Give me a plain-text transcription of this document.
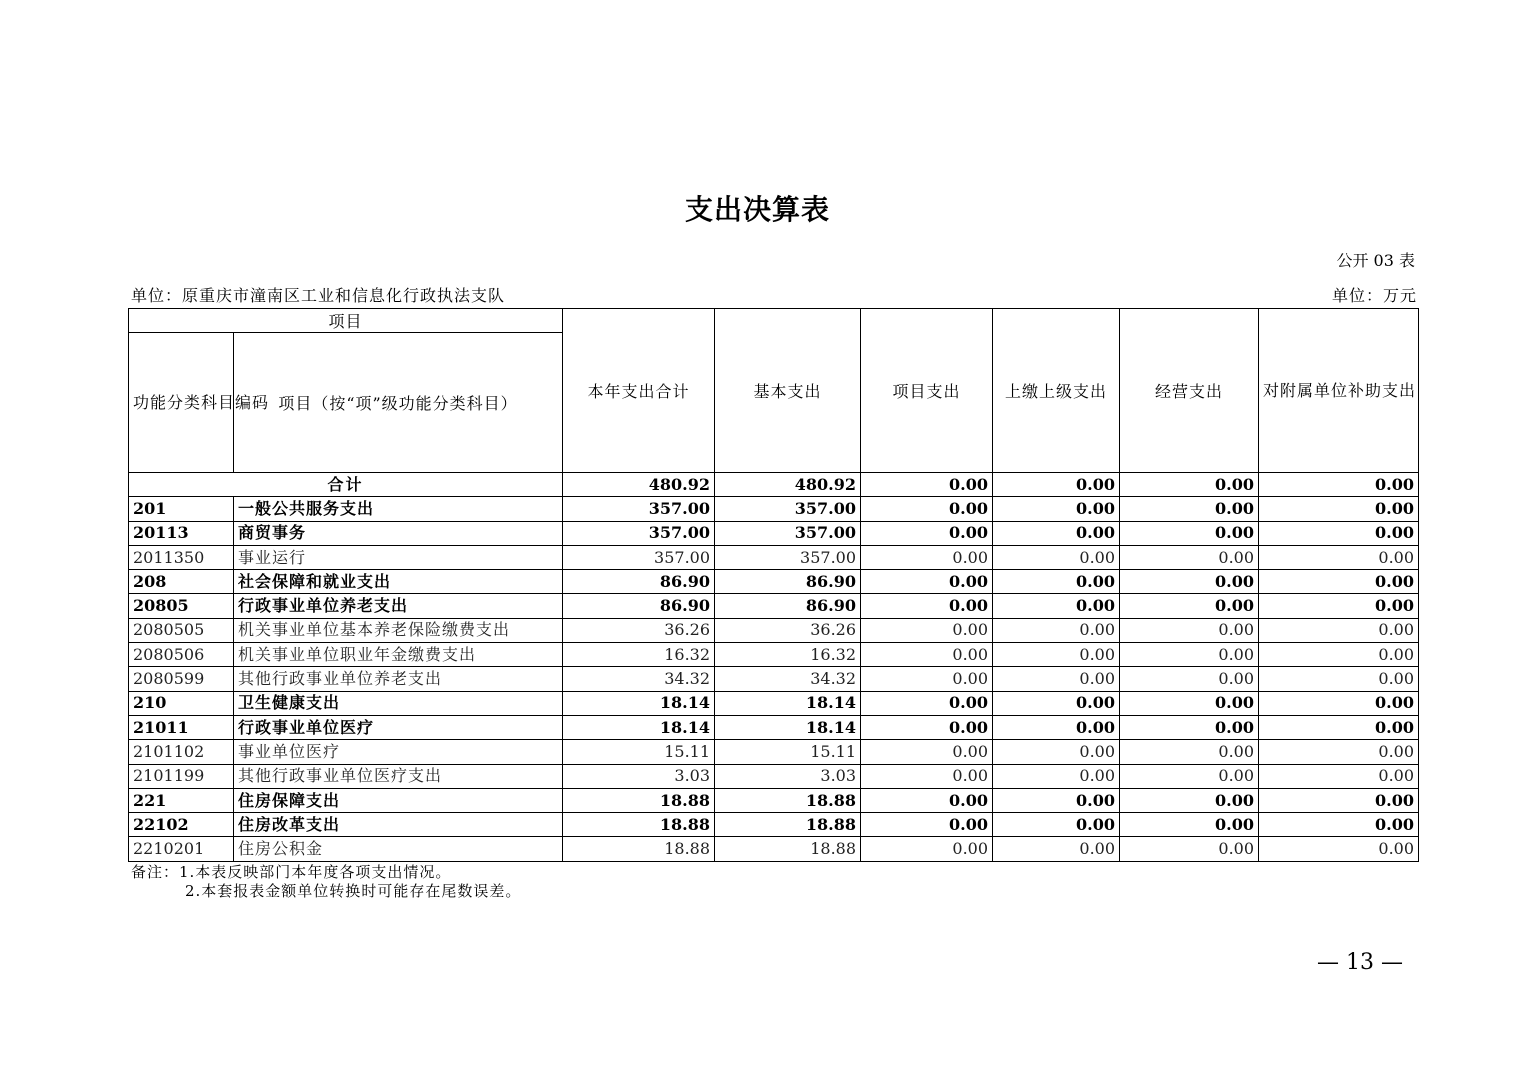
支出决算表
公开 03 表
单位：原重庆市潼南区工业和信息化行政执法支队	单位：万元
项目		本年支出合计	基本支出	项目支出	上缴上级支出	经营支出	对附属单位补助支出
功能分类科目编码	项目（按“项”级功能分类科目）						
合计		480.92	480.92	0.00	0.00	0.00	0.00
201	一般公共服务支出	357.00	357.00	0.00	0.00	0.00	0.00
20113	商贸事务	357.00	357.00	0.00	0.00	0.00	0.00
2011350	事业运行	357.00	357.00	0.00	0.00	0.00	0.00
208	社会保障和就业支出	86.90	86.90	0.00	0.00	0.00	0.00
20805	行政事业单位养老支出	86.90	86.90	0.00	0.00	0.00	0.00
2080505	机关事业单位基本养老保险缴费支出	36.26	36.26	0.00	0.00	0.00	0.00
2080506	机关事业单位职业年金缴费支出	16.32	16.32	0.00	0.00	0.00	0.00
2080599	其他行政事业单位养老支出	34.32	34.32	0.00	0.00	0.00	0.00
210	卫生健康支出	18.14	18.14	0.00	0.00	0.00	0.00
21011	行政事业单位医疗	18.14	18.14	0.00	0.00	0.00	0.00
2101102	事业单位医疗	15.11	15.11	0.00	0.00	0.00	0.00
2101199	其他行政事业单位医疗支出	3.03	3.03	0.00	0.00	0.00	0.00
221	住房保障支出	18.88	18.88	0.00	0.00	0.00	0.00
22102	住房改革支出	18.88	18.88	0.00	0.00	0.00	0.00
2210201	住房公积金	18.88	18.88	0.00	0.00	0.00	0.00
备注：1.本表反映部门本年度各项支出情况。
2.本套报表金额单位转换时可能存在尾数误差。
— 13 —
